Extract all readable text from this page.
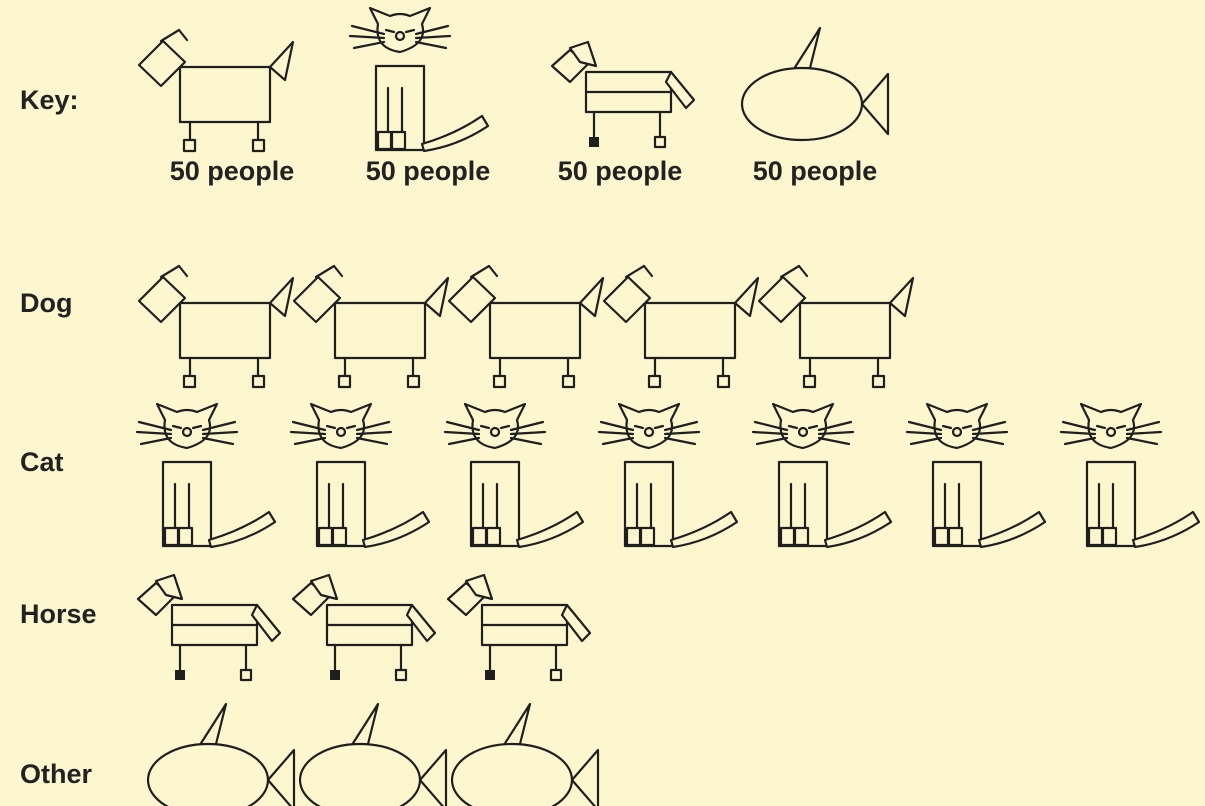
Key:
50 people	50 people 50 people	50 people
Dog
Cat
Horse
Other
